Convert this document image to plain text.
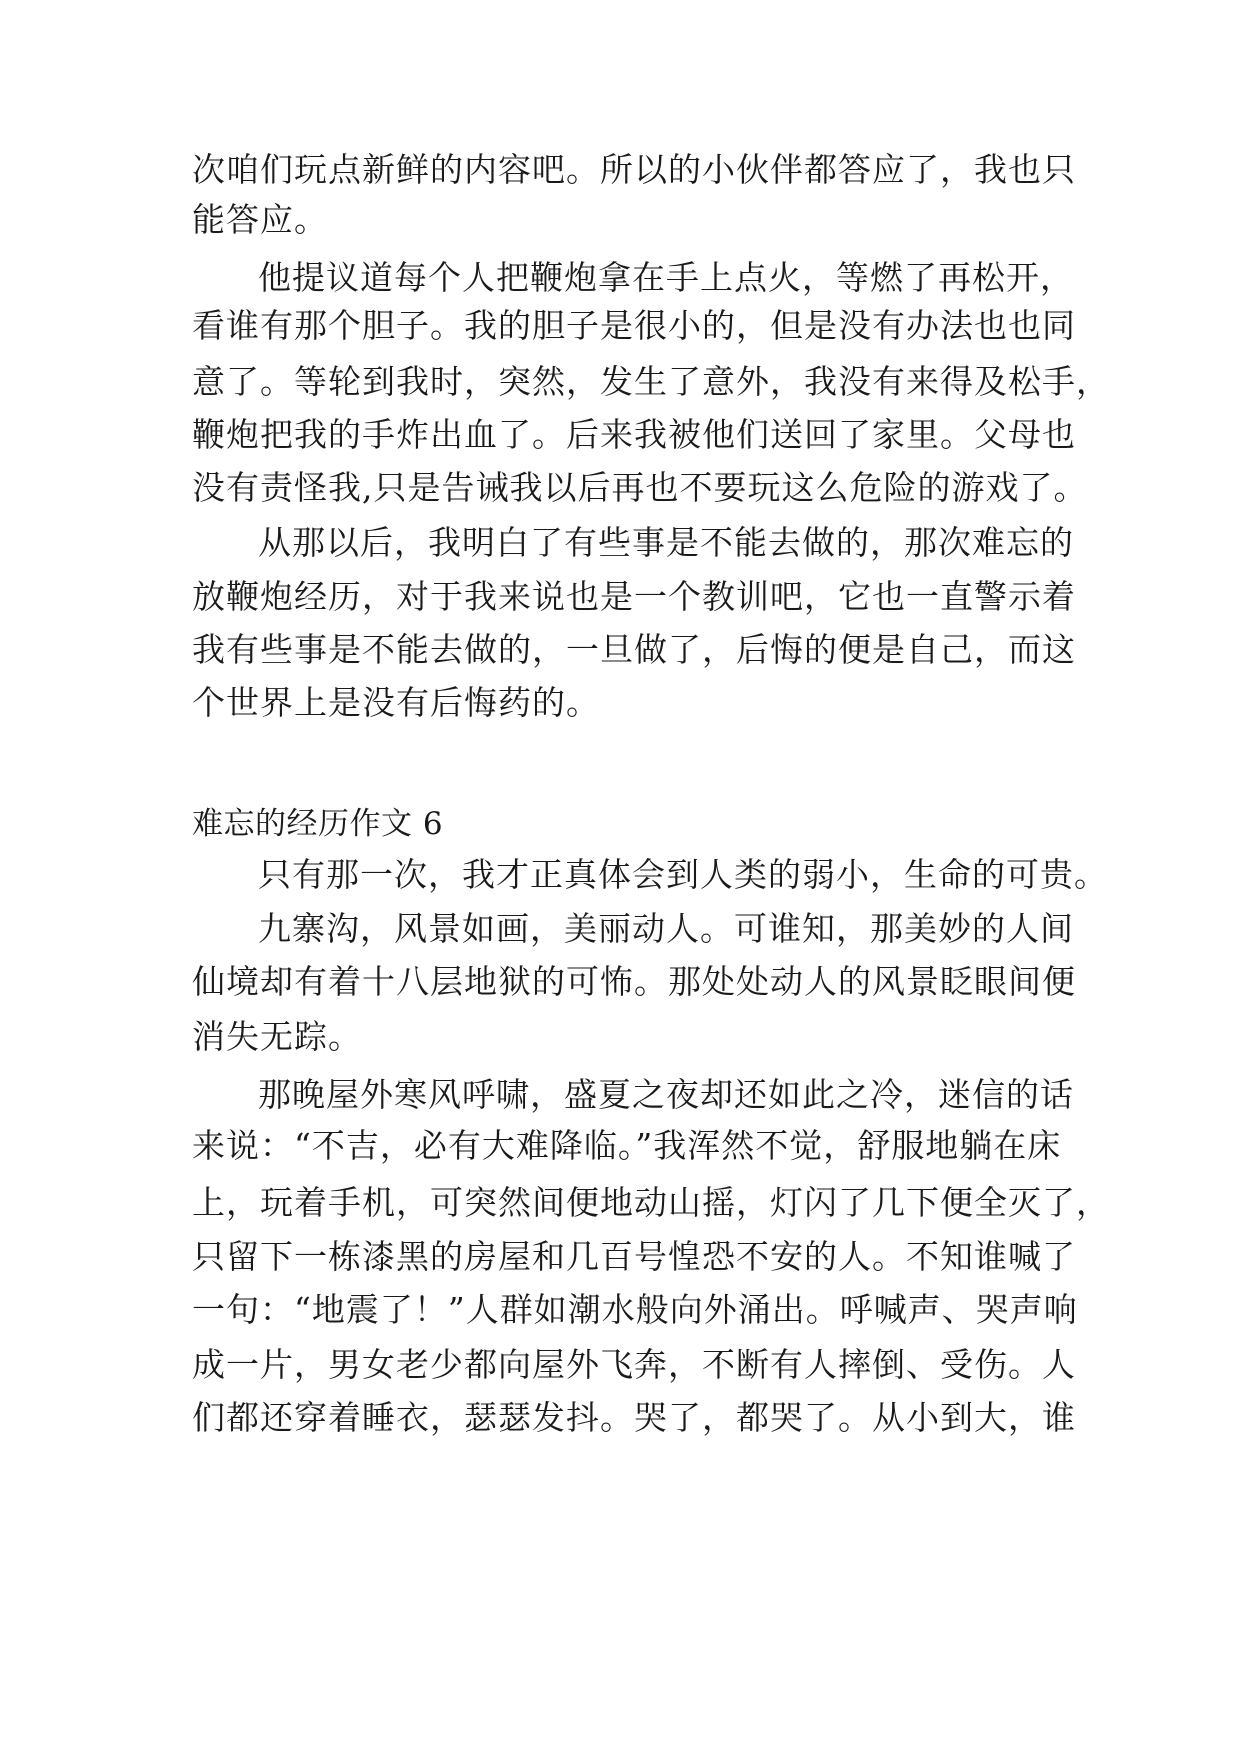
次咱们玩点新鲜的内容吧。所以的小伙伴都答应了，我也只
能答应。
他提议道每个人把鞭炮拿在手上点火，等燃了再松开，
看谁有那个胆子。我的胆子是很小的，但是没有办法也也同
意了。等轮到我时，突然，发生了意外，我没有来得及松手，
鞭炮把我的手炸出血了。后来我被他们送回了家里。父母也
没有责怪我,只是告诫我以后再也不要玩这么危险的游戏了。
从那以后，我明白了有些事是不能去做的，那次难忘的
放鞭炮经历，对于我来说也是一个教训吧，它也一直警示着
我有些事是不能去做的，一旦做了，后悔的便是自己，而这
个世界上是没有后悔药的。
难忘的经历作文 6
只有那一次，我才正真体会到人类的弱小，生命的可贵。
九寨沟，风景如画，美丽动人。可谁知，那美妙的人间
仙境却有着十八层地狱的可怖。那处处动人的风景眨眼间便
消失无踪。
那晚屋外寒风呼啸，盛夏之夜却还如此之冷，迷信的话
来说：“不吉，必有大难降临。”我浑然不觉，舒服地躺在床
上，玩着手机，可突然间便地动山摇，灯闪了几下便全灭了，
只留下一栋漆黑的房屋和几百号惶恐不安的人。不知谁喊了
一句：“地震了！”人群如潮水般向外涌出。呼喊声、哭声响
成一片，男女老少都向屋外飞奔，不断有人摔倒、受伤。人
们都还穿着睡衣，瑟瑟发抖。哭了，都哭了。从小到大，谁
